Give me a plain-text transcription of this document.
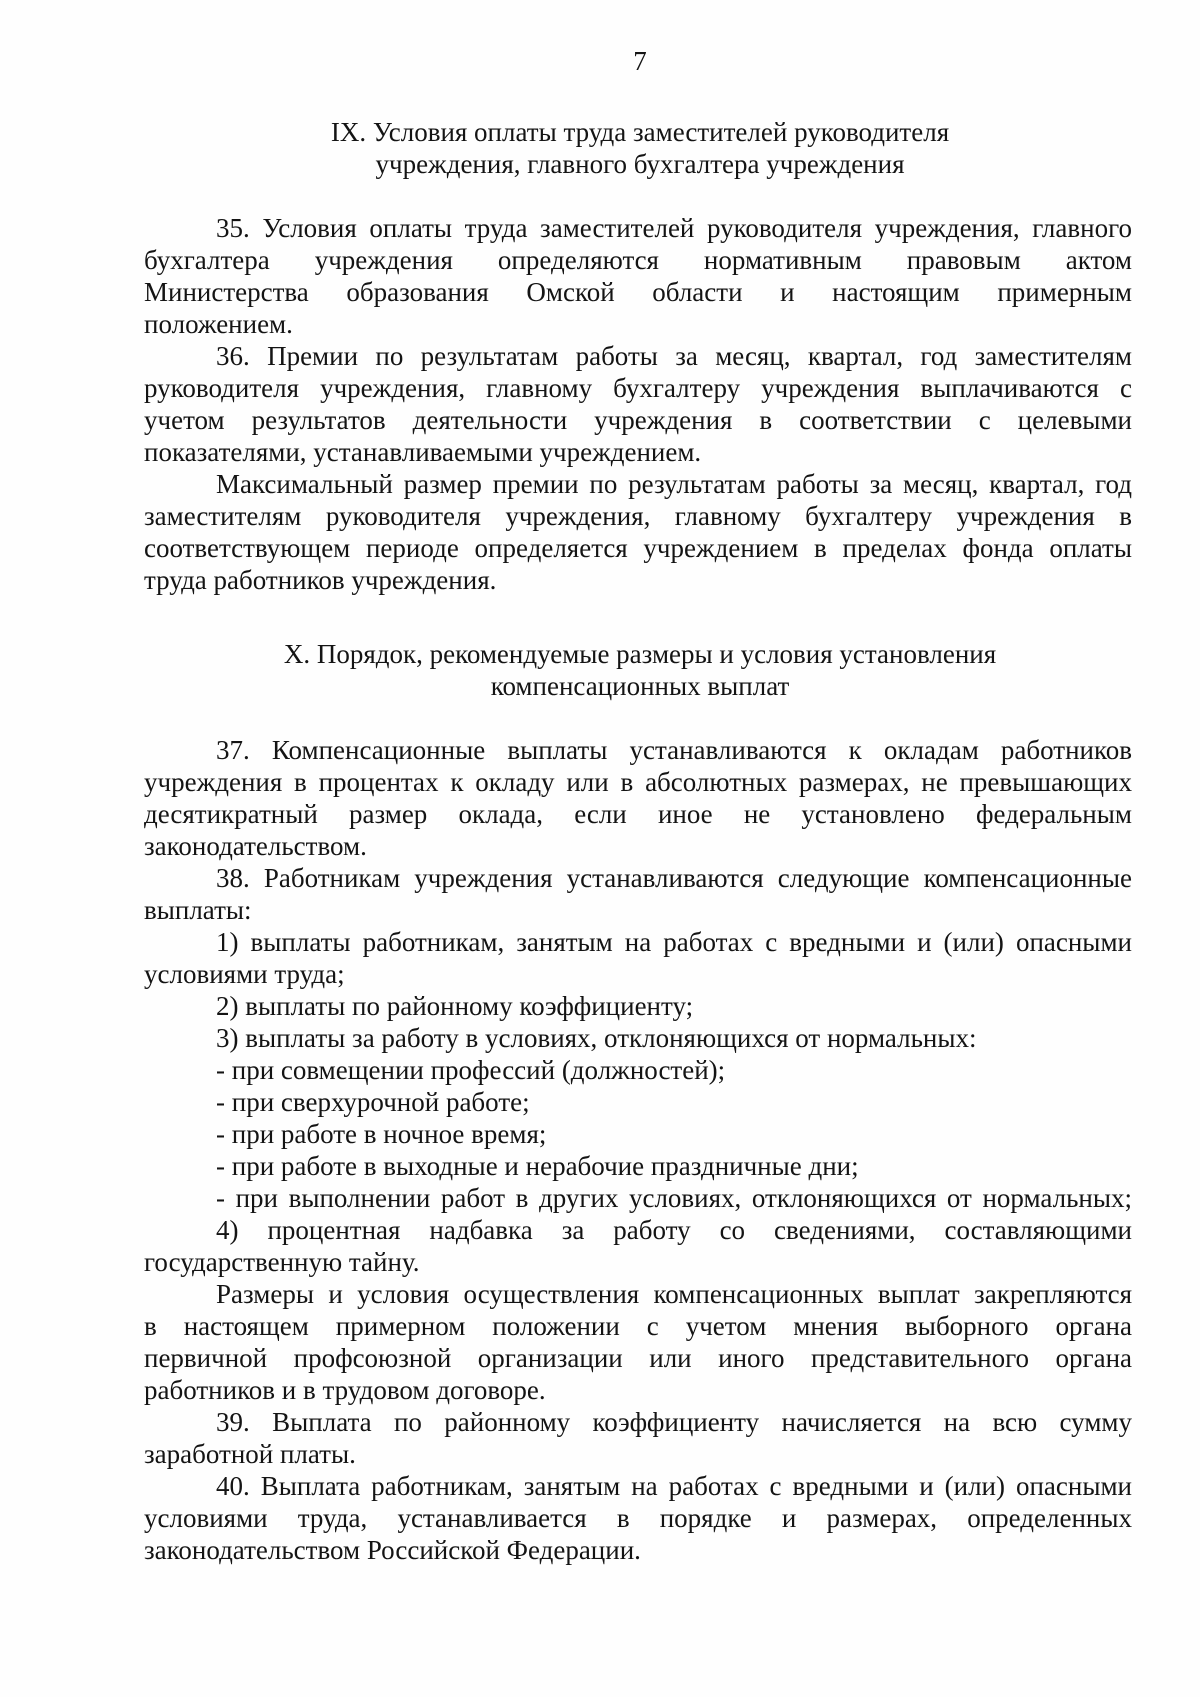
7
IX. Условия оплаты труда заместителей руководителя
учреждения, главного бухгалтера учреждения

35. Условия оплаты труда заместителей руководителя учреждения, главного

бухгалтера учреждения определяются нормативным правовым актом

Министерства образования Омской области и настоящим примерным

положением.

36. Премии по результатам работы за месяц, квартал, год заместителям

руководителя учреждения, главному бухгалтеру учреждения выплачиваются с

учетом результатов деятельности учреждения в соответствии с целевыми

показателями, устанавливаемыми учреждением.

Максимальный размер премии по результатам работы за месяц, квартал, год

заместителям руководителя учреждения, главному бухгалтеру учреждения в

соответствующем периоде определяется учреждением в пределах фонда оплаты

труда работников учреждения.

X. Порядок, рекомендуемые размеры и условия установления
компенсационных выплат

37. Компенсационные выплаты устанавливаются к окладам работников

учреждения в процентах к окладу или в абсолютных размерах, не превышающих

десятикратный размер оклада, если иное не установлено федеральным

законодательством.

38. Работникам учреждения устанавливаются следующие компенсационные

выплаты:

1) выплаты работникам, занятым на работах с вредными и (или) опасными

условиями труда;

2) выплаты по районному коэффициенту;

3) выплаты за работу в условиях, отклоняющихся от нормальных:

- при совмещении профессий (должностей);

- при сверхурочной работе;

- при работе в ночное время;

- при работе в выходные и нерабочие праздничные дни;

- при выполнении работ в других условиях, отклоняющихся от нормальных;

4) процентная надбавка за работу со сведениями, составляющими

государственную тайну.

Размеры и условия осуществления компенсационных выплат закрепляются

в настоящем примерном положении с учетом мнения выборного органа

первичной профсоюзной организации или иного представительного органа

работников и в трудовом договоре.

39. Выплата по районному коэффициенту начисляется на всю сумму

заработной платы.

40. Выплата работникам, занятым на работах с вредными и (или) опасными

условиями труда, устанавливается в порядке и размерах, определенных

законодательством Российской Федерации.
